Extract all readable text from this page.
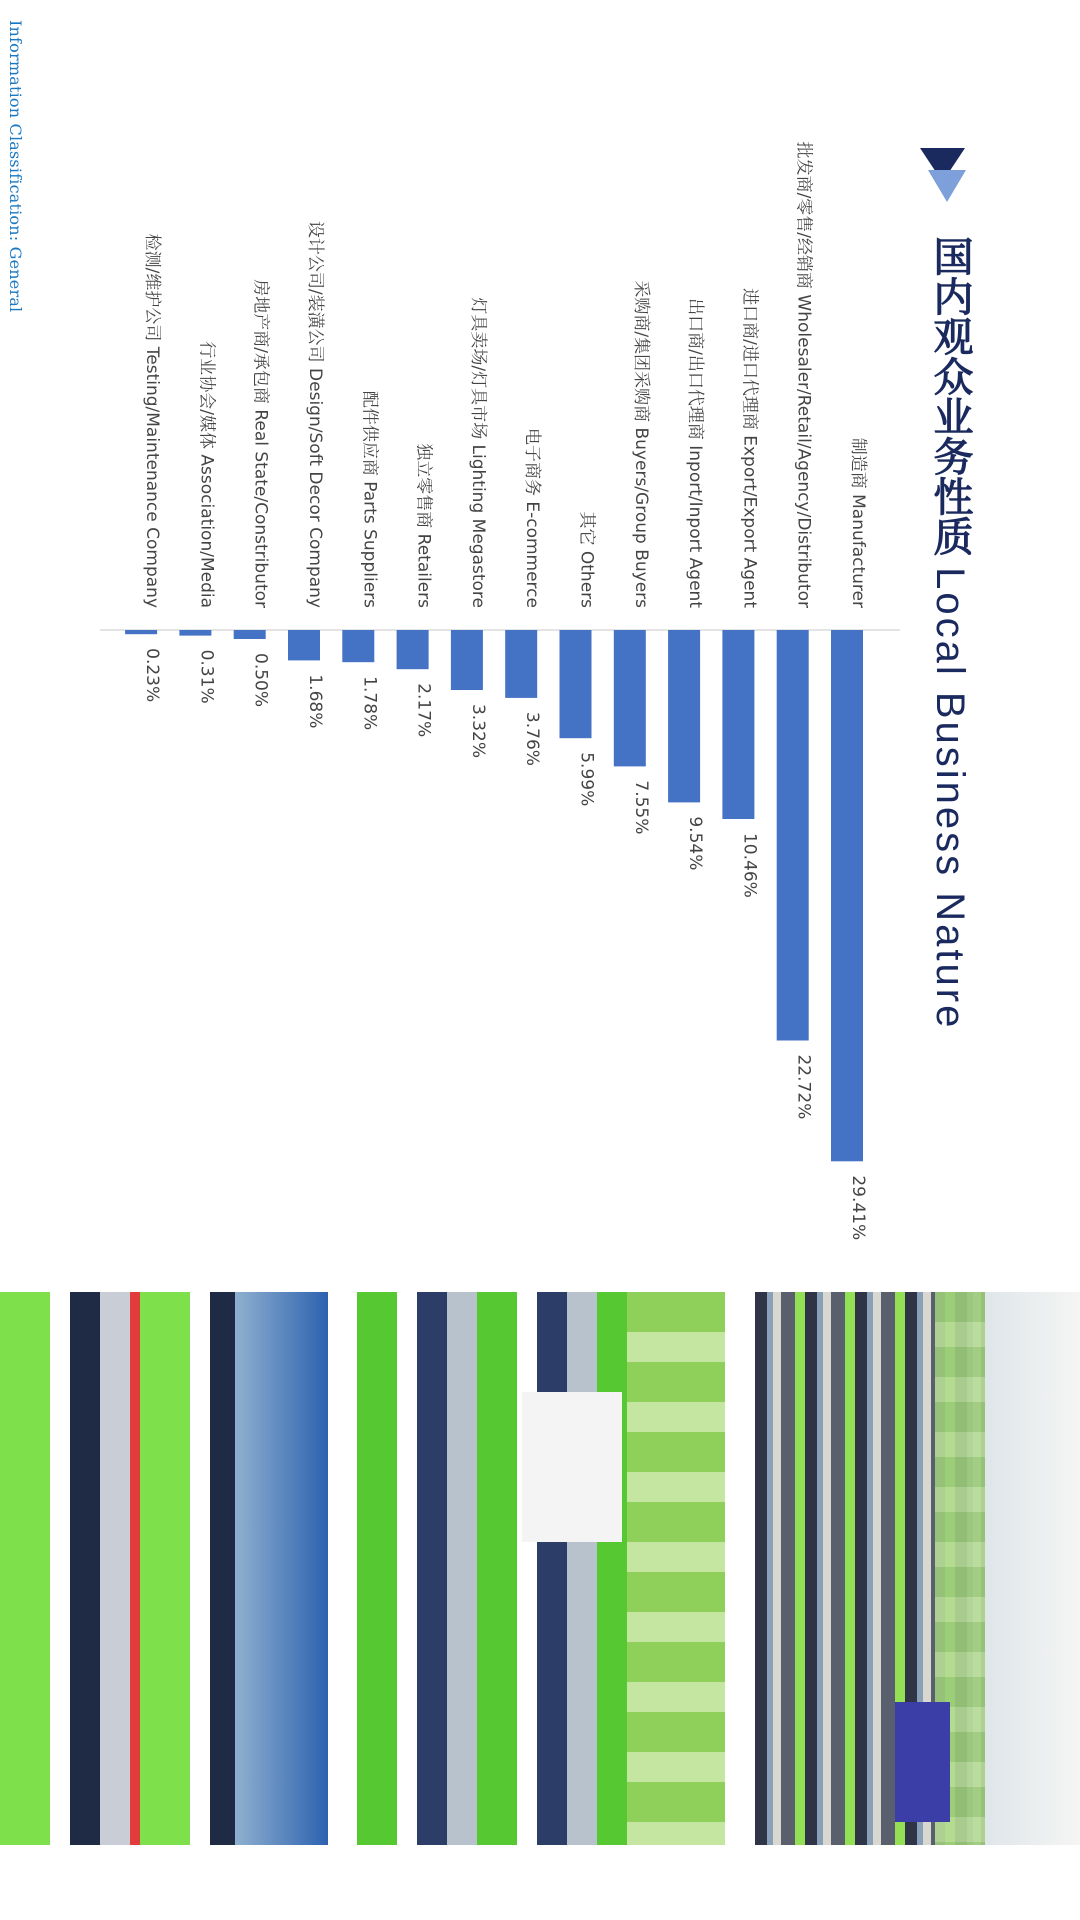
Information Classification: General
国内观众业务性质 Local Business Nature
制造商 Manufacturer
批发商/零售/经销商 Wholesaler/Retail/Agency/Distributor
进口商/进口代理商 Export/Export Agent
出口商/出口代理商 Inport/Inport Agent
采购商/集团采购商 Buyers/Group Buyers
其它 Others
电子商务 E-commerce
灯具卖场/灯具市场 Lighting Megastore
独立零售商 Retailers
配件供应商 Parts Suppliers
设计公司/装潢公司 Design/Soft Decor Company
房地产商/承包商 Real State/Constributor
行业协会/媒体 Association/Media
检测/维护公司 Testing/Maintenance Company
29.41%
22.72%
10.46%
9.54%
7.55%
5.99%
3.76%
3.32%
2.17%
1.78%
1.68%
0.50%
0.31%
0.23%
